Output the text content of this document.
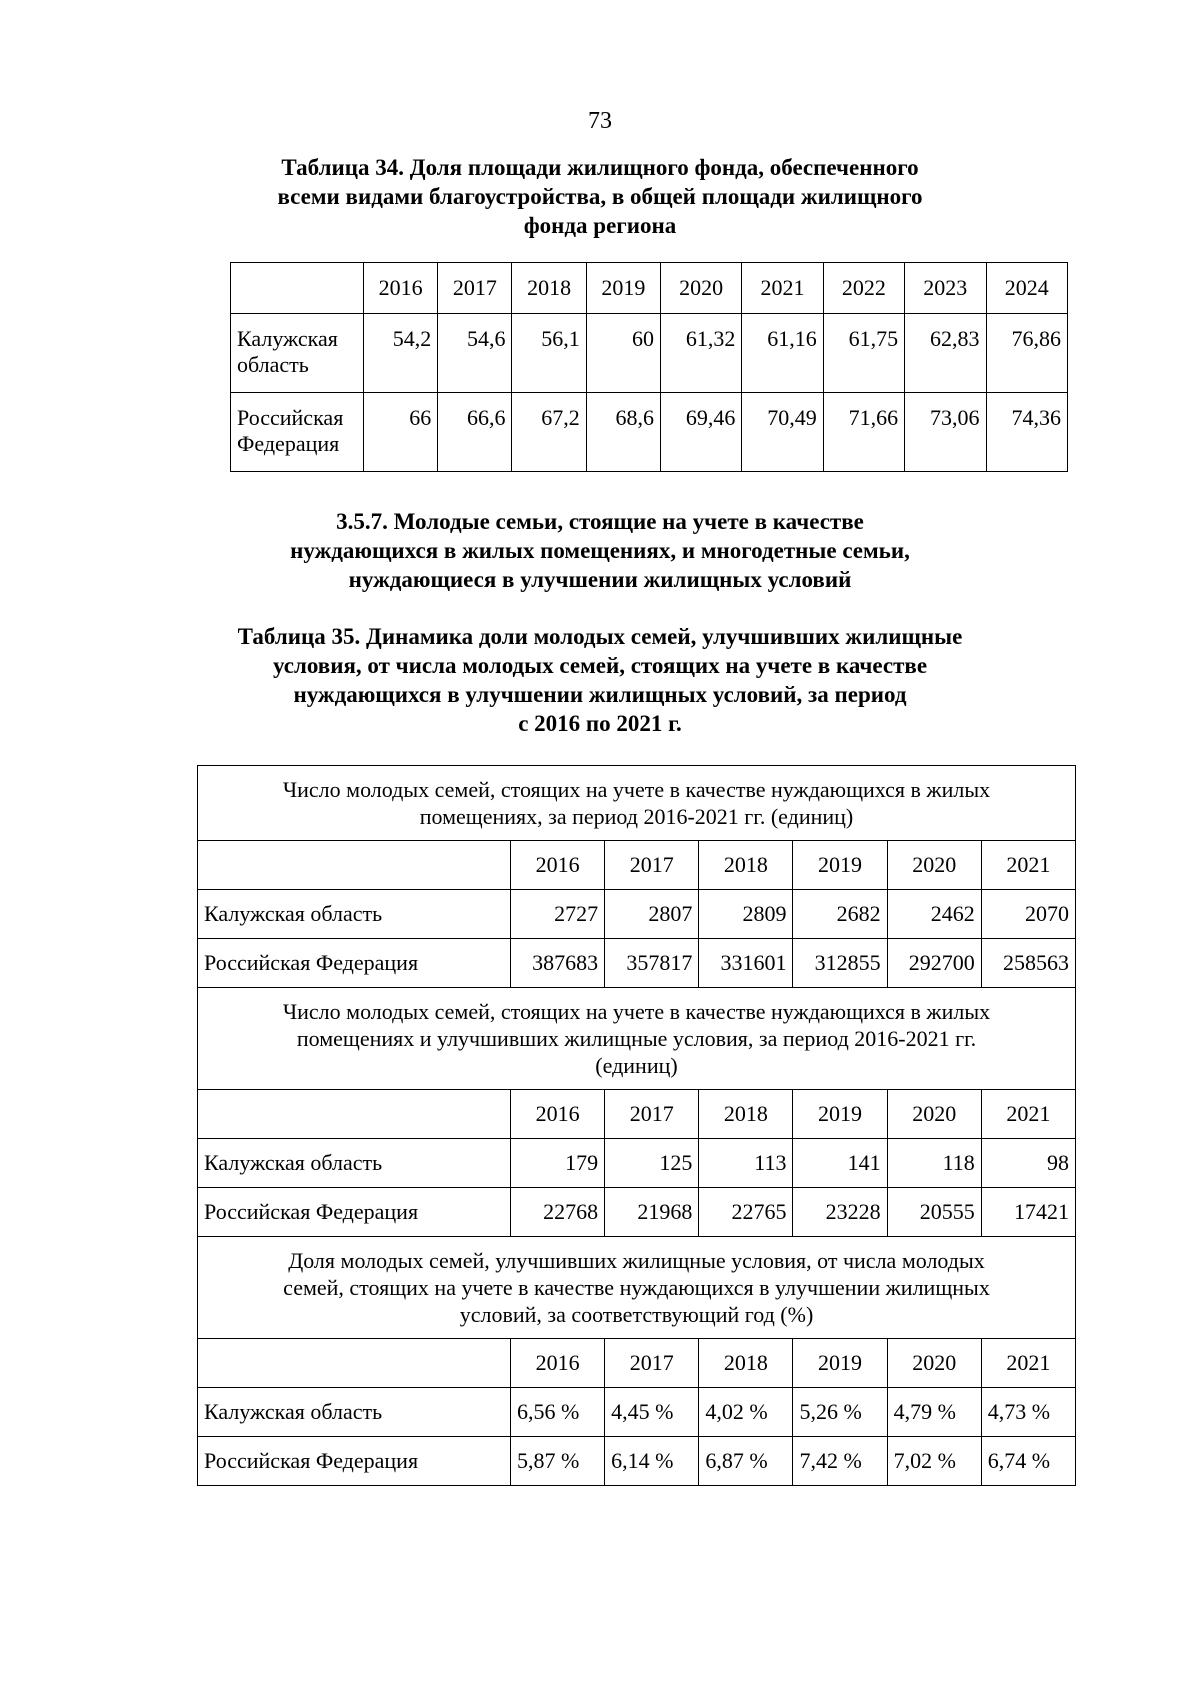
73
Таблица 34. Доля площади жилищного фонда, обеспеченного
всеми видами благоустройства, в общей площади жилищного
фонда региона
	2016	2017	2018	2019	2020	2021	2022	2023	2024

Калужская
область	54,2	54,6	56,1	60	61,32	61,16	61,75	62,83	76,86

Российская
Федерация	66	66,6	67,2	68,6	69,46	70,49	71,66	73,06	74,36
3.5.7. Молодые семьи, стоящие на учете в качестве
нуждающихся в жилых помещениях, и многодетные семьи,
нуждающиеся в улучшении жилищных условий
Таблица 35. Динамика доли молодых семей, улучшивших жилищные
условия, от числа молодых семей, стоящих на учете в качестве
нуждающихся в улучшении жилищных условий, за период
с 2016 по 2021 г.
Число молодых семей, стоящих на учете в качестве нуждающихся в жилых
помещениях, за период 2016-2021 гг. (единиц)						

	2016	2017	2018	2019	2020	2021
Калужская область	2727	2807	2809	2682	2462	2070
Российская Федерация	387683	357817	331601	312855	292700	258563

Число молодых семей, стоящих на учете в качестве нуждающихся в жилых
помещениях и улучшивших жилищные условия, за период 2016-2021 гг.
(единиц)						

	2016	2017	2018	2019	2020	2021
Калужская область	179	125	113	141	118	98
Российская Федерация	22768	21968	22765	23228	20555	17421

Доля молодых семей, улучшивших жилищные условия, от числа молодых
семей, стоящих на учете в качестве нуждающихся в улучшении жилищных
условий, за соответствующий год (%)						

	2016	2017	2018	2019	2020	2021
Калужская область	6,56 %	4,45 %	4,02 %	5,26 %	4,79 %	4,73 %
Российская Федерация	5,87 %	6,14 %	6,87 %	7,42 %	7,02 %	6,74 %
